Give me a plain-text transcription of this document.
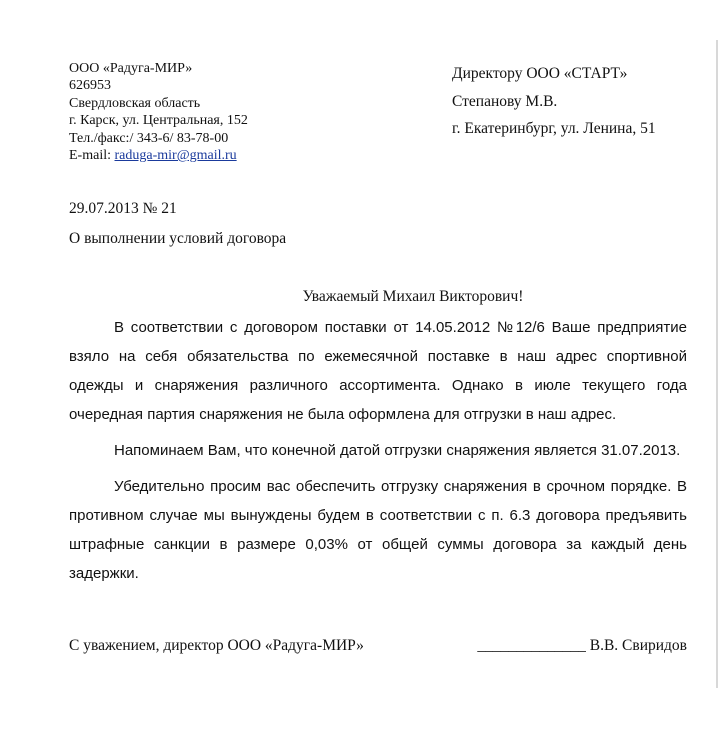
ООО «Радуга-МИР»
626953
Свердловская область
г. Карск, ул. Центральная, 152
Тел./факс:/ 343-6/ 83-78-00
E-mail: raduga-mir@gmail.ru
Директору ООО «СТАРТ»
Степанову М.В.
г. Екатеринбург, ул. Ленина, 51
29.07.2013 № 21
О выполнении условий договора
Уважаемый Михаил Викторович!

В соответствии с договором поставки от 14.05.2012 №12/6 Ваше предприятие взяло на себя обязательства по ежемесячной поставке в наш адрес спортивной одежды и снаряжения различного ассортимента. Однако в июле текущего года очередная партия снаряжения не была оформлена для отгрузки в наш адрес.

Напоминаем Вам, что конечной датой отгрузки снаряжения является 31.07.2013.

Убедительно просим вас обеспечить отгрузку снаряжения в срочном порядке. В противном случае мы вынуждены будем в соответствии с п. 6.3 договора предъявить штрафные санкции в размере 0,03% от общей суммы договора за каждый день задержки.

С уважением, директор ООО «Радуга-МИР»	______________ В.В. Свиридов
